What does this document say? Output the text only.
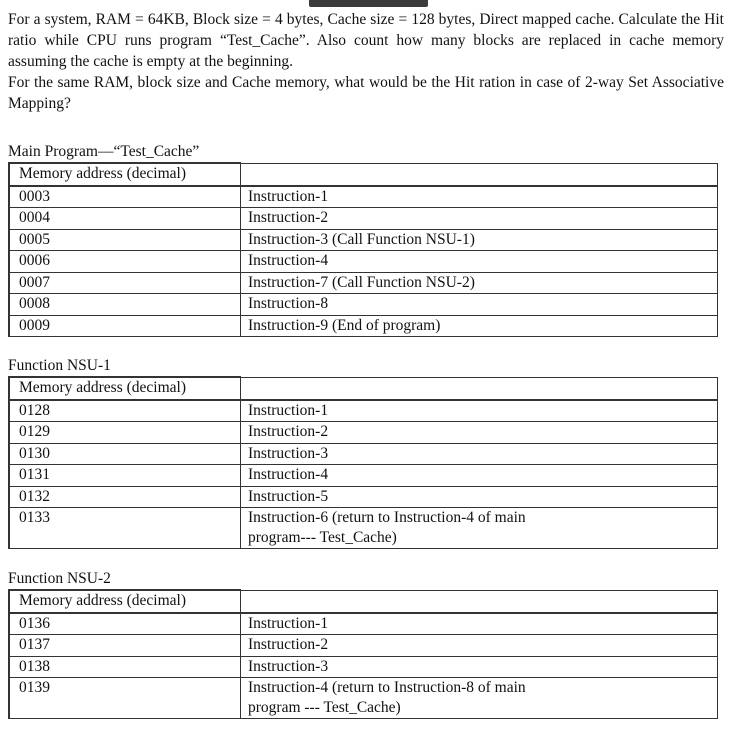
For a system, RAM = 64KB, Block size = 4 bytes, Cache size = 128 bytes, Direct mapped cache. Calculate the Hit ratio while CPU runs program “Test_Cache”. Also count how many blocks are replaced in cache memory assuming the cache is empty at the beginning.

For the same RAM, block size and Cache memory, what would be the Hit ration in case of 2-way Set Associative Mapping?

Main Program—“Test_Cache”
Memory address (decimal)	
0003	Instruction-1
0004	Instruction-2
0005	Instruction-3 (Call Function NSU-1)
0006	Instruction-4
0007	Instruction-7 (Call Function NSU-2)
0008	Instruction-8
0009	Instruction-9 (End of program)
Function NSU-1
Memory address (decimal)	
0128	Instruction-1
0129	Instruction-2
0130	Instruction-3
0131	Instruction-4
0132	Instruction-5
0133	Instruction-6 (return to Instruction-4 of main program--- Test_Cache)
Function NSU-2
Memory address (decimal)	
0136	Instruction-1
0137	Instruction-2
0138	Instruction-3
0139	Instruction-4 (return to Instruction-8 of main program --- Test_Cache)
